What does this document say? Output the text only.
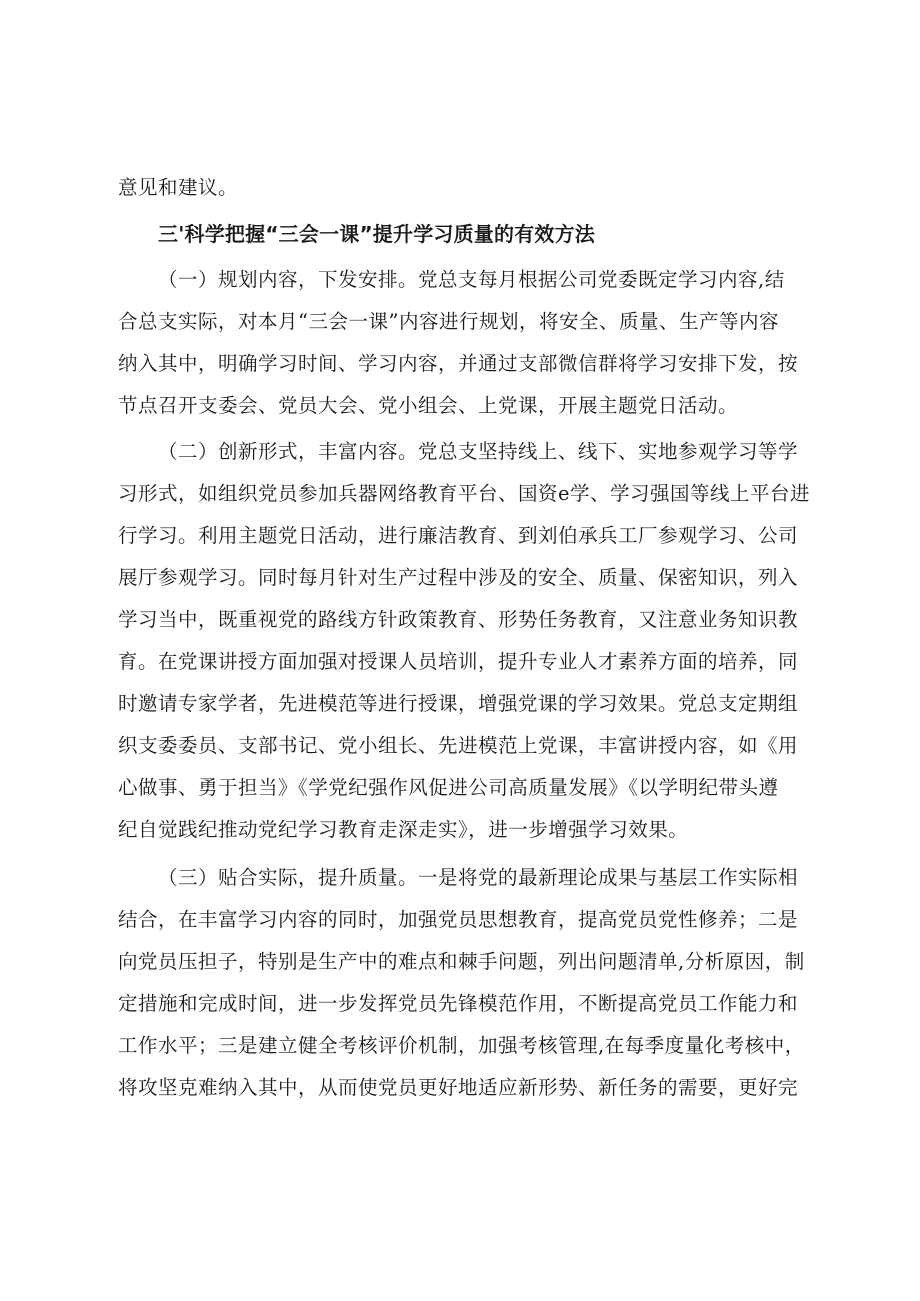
意见和建议。
三'科学把握“三会一课”提升学习质量的有效方法
（一）规划内容，下发安排。党总支每月根据公司党委既定学习内容,结
合总支实际，对本月“三会一课”内容进行规划，将安全、质量、生产等内容
纳入其中，明确学习时间、学习内容，并通过支部微信群将学习安排下发，按
节点召开支委会、党员大会、党小组会、上党课，开展主题党日活动。
（二）创新形式，丰富内容。党总支坚持线上、线下、实地参观学习等学
习形式，如组织党员参加兵器网络教育平台、国资e学、学习强国等线上平台进
行学习。利用主题党日活动，进行廉洁教育、到刘伯承兵工厂参观学习、公司
展厅参观学习。同时每月针对生产过程中涉及的安全、质量、保密知识，列入
学习当中，既重视党的路线方针政策教育、形势任务教育，又注意业务知识教
育。在党课讲授方面加强对授课人员培训，提升专业人才素养方面的培养，同
时邀请专家学者，先进模范等进行授课，增强党课的学习效果。党总支定期组
织支委委员、支部书记、党小组长、先进模范上党课，丰富讲授内容，如《用
心做事、勇于担当》《学党纪强作风促进公司高质量发展》《以学明纪带头遵
纪自觉践纪推动党纪学习教育走深走实》，进一步增强学习效果。
（三）贴合实际，提升质量。一是将党的最新理论成果与基层工作实际相
结合，在丰富学习内容的同时，加强党员思想教育，提高党员党性修养；二是
向党员压担子，特别是生产中的难点和棘手问题，列出问题清单,分析原因，制
定措施和完成时间，进一步发挥党员先锋模范作用，不断提高党员工作能力和
工作水平；三是建立健全考核评价机制，加强考核管理,在每季度量化考核中，
将攻坚克难纳入其中，从而使党员更好地适应新形势、新任务的需要，更好完
